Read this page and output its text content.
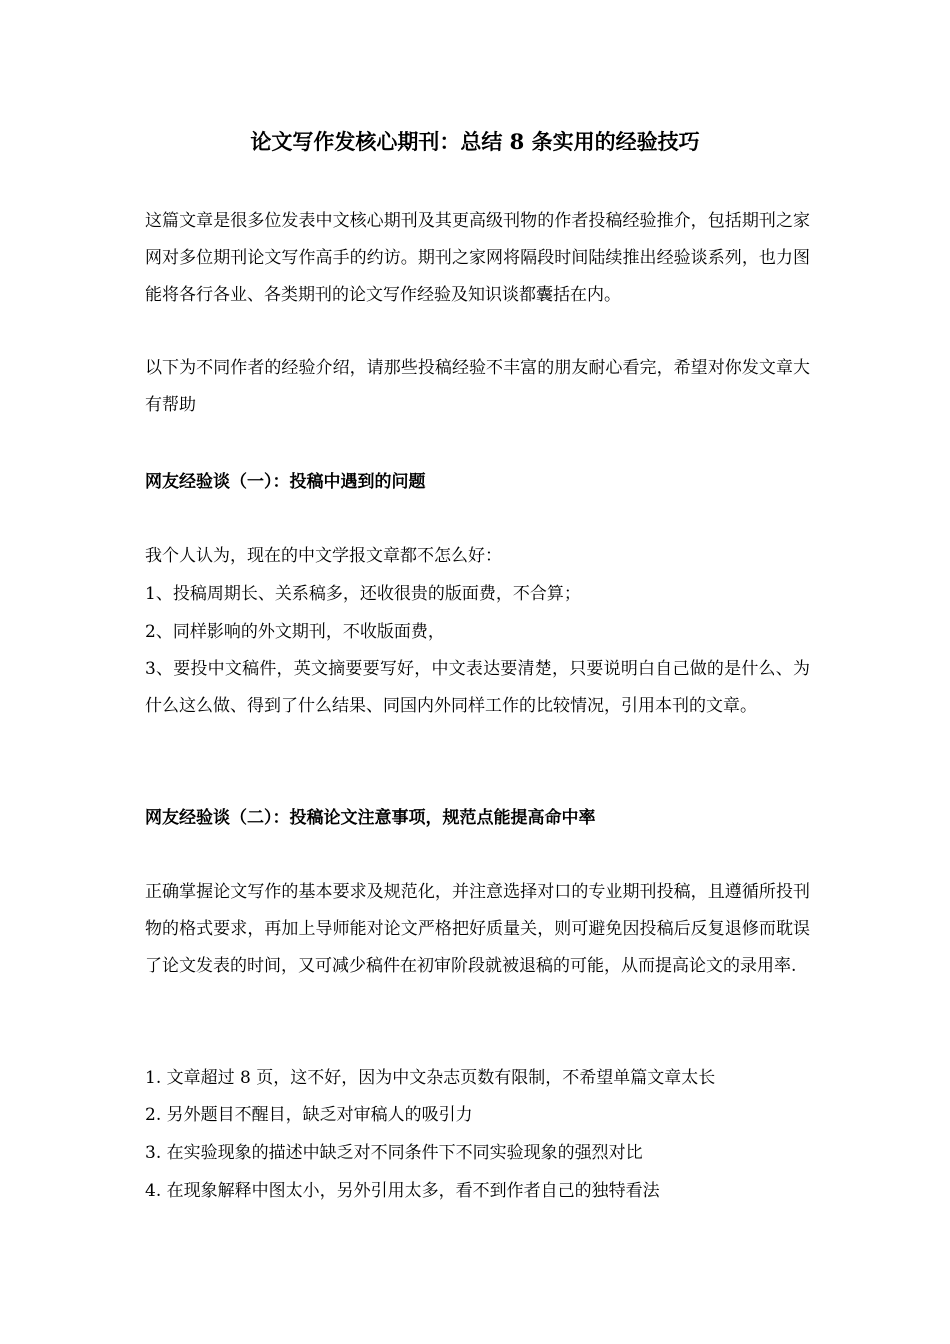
论文写作发核心期刊：总结 8 条实用的经验技巧
这篇文章是很多位发表中文核心期刊及其更高级刊物的作者投稿经验推介，包括期刊之家网对多位期刊论文写作高手的约访。期刊之家网将隔段时间陆续推出经验谈系列，也力图能将各行各业、各类期刊的论文写作经验及知识谈都囊括在内。
以下为不同作者的经验介绍，请那些投稿经验不丰富的朋友耐心看完，希望对你发文章大有帮助
网友经验谈（一）：投稿中遇到的问题
我个人认为，现在的中文学报文章都不怎么好：
1、投稿周期长、关系稿多，还收很贵的版面费，不合算；
2、同样影响的外文期刊，不收版面费，
3、要投中文稿件，英文摘要要写好，中文表达要清楚，只要说明白自己做的是什么、为什么这么做、得到了什么结果、同国内外同样工作的比较情况，引用本刊的文章。
网友经验谈（二）：投稿论文注意事项，规范点能提高命中率
正确掌握论文写作的基本要求及规范化，并注意选择对口的专业期刊投稿，且遵循所投刊物的格式要求，再加上导师能对论文严格把好质量关，则可避免因投稿后反复退修而耽误了论文发表的时间，又可减少稿件在初审阶段就被退稿的可能，从而提高论文的录用率.
1. 文章超过 8 页，这不好，因为中文杂志页数有限制，不希望单篇文章太长
2. 另外题目不醒目，缺乏对审稿人的吸引力
3. 在实验现象的描述中缺乏对不同条件下不同实验现象的强烈对比
4. 在现象解释中图太小，另外引用太多，看不到作者自己的独特看法
